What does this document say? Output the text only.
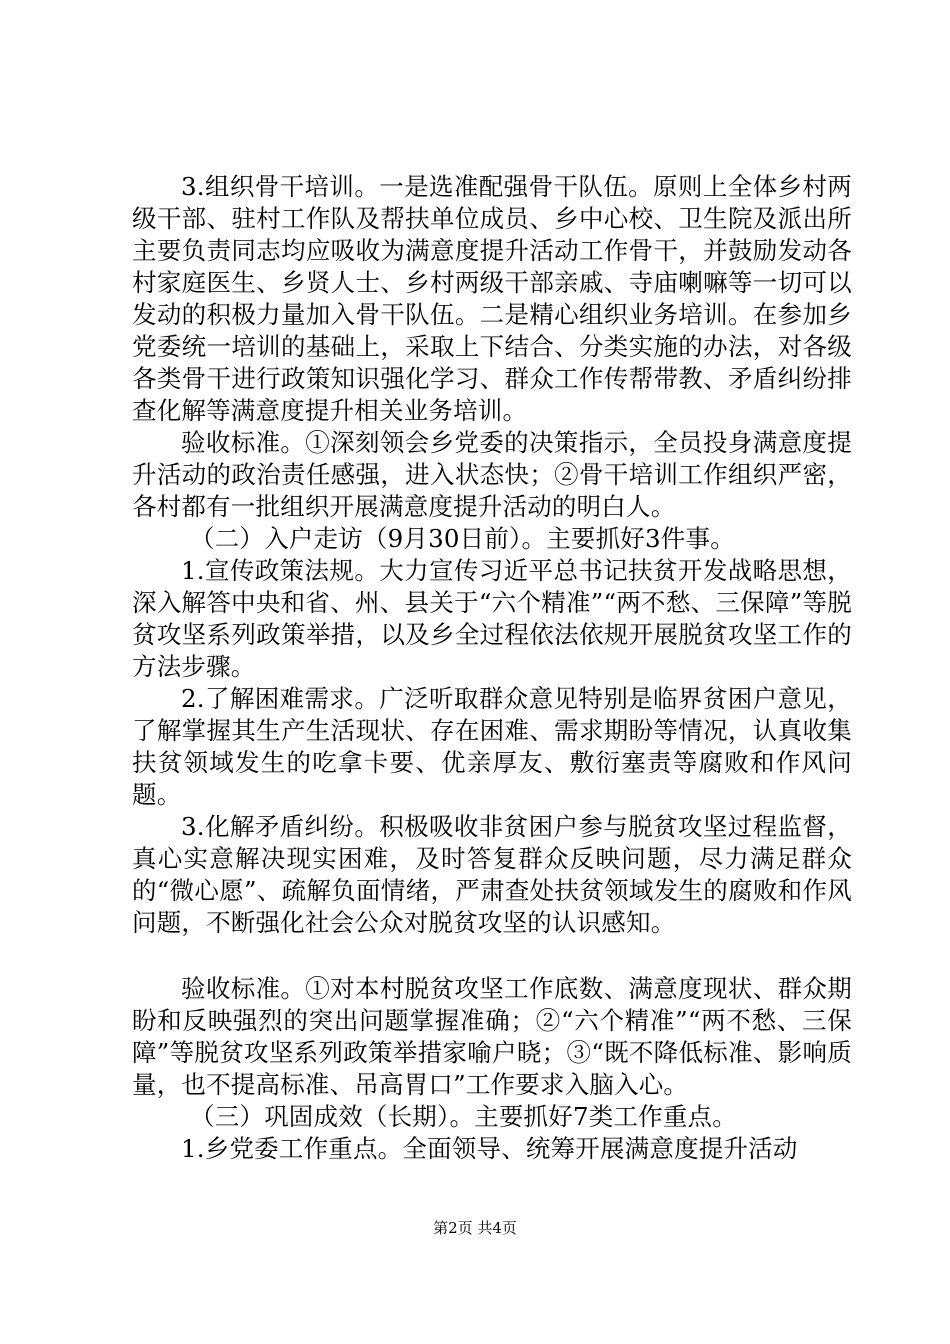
3.组织骨干培训。一是选准配强骨干队伍。原则上全体乡村两级干部、驻村工作队及帮扶单位成员、乡中心校、卫生院及派出所主要负责同志均应吸收为满意度提升活动工作骨干，并鼓励发动各村家庭医生、乡贤人士、乡村两级干部亲戚、寺庙喇嘛等一切可以发动的积极力量加入骨干队伍。二是精心组织业务培训。在参加乡党委统一培训的基础上，采取上下结合、分类实施的办法，对各级各类骨干进行政策知识强化学习、群众工作传帮带教、矛盾纠纷排查化解等满意度提升相关业务培训。

验收标准。①深刻领会乡党委的决策指示，全员投身满意度提升活动的政治责任感强，进入状态快；②骨干培训工作组织严密，各村都有一批组织开展满意度提升活动的明白人。

（二）入户走访（9月30日前）。主要抓好3件事。

1.宣传政策法规。大力宣传习近平总书记扶贫开发战略思想，深入解答中央和省、州、县关于“六个精准”“两不愁、三保障”等脱贫攻坚系列政策举措，以及乡全过程依法依规开展脱贫攻坚工作的方法步骤。

2.了解困难需求。广泛听取群众意见特别是临界贫困户意见，了解掌握其生产生活现状、存在困难、需求期盼等情况，认真收集扶贫领域发生的吃拿卡要、优亲厚友、敷衍塞责等腐败和作风问题。

3.化解矛盾纠纷。积极吸收非贫困户参与脱贫攻坚过程监督，真心实意解决现实困难，及时答复群众反映问题，尽力满足群众的“微心愿”、疏解负面情绪，严肃查处扶贫领域发生的腐败和作风问题，不断强化社会公众对脱贫攻坚的认识感知。

验收标准。①对本村脱贫攻坚工作底数、满意度现状、群众期盼和反映强烈的突出问题掌握准确；②“六个精准”“两不愁、三保障”等脱贫攻坚系列政策举措家喻户晓；③“既不降低标准、影响质量，也不提高标准、吊高胃口”工作要求入脑入心。

（三）巩固成效（长期）。主要抓好7类工作重点。

1.乡党委工作重点。全面领导、统筹开展满意度提升活动

第2页 共4页
